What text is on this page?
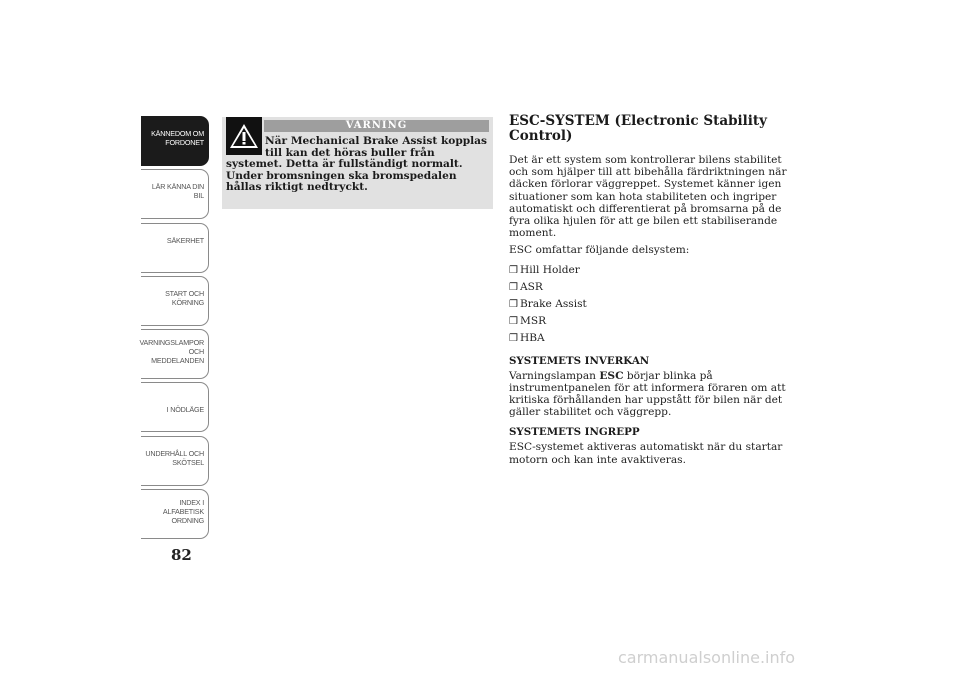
KÄNNEDOM OM
FORDONET
LÄR KÄNNA DIN
BIL
SÄKERHET
START OCH
KÖRNING
VARNINGSLAMPOR
OCH
MEDDELANDEN
I NÖDLÄGE
UNDERHÅLL OCH
SKÖTSEL
INDEX I
ALFABETISK
ORDNING
82
VARNING
När Mechanical Brake Assist kopplas
till kan det höras buller från
systemet. Detta är fullständigt normalt. Under bromsningen ska bromspedalen hållas riktigt nedtryckt.
ESC-SYSTEM (Electronic Stability Control)
Det är ett system som kontrollerar bilens stabilitet och som hjälper till att bibehålla färdriktningen när däcken förlorar väggreppet. Systemet känner igen situationer som kan hota stabiliteten och ingriper automatiskt och differentierat på bromsarna på de fyra olika hjulen för att ge bilen ett stabiliserande moment.
ESC omfattar följande delsystem:
❒ Hill Holder
❒ ASR
❒ Brake Assist
❒ MSR
❒ HBA
SYSTEMETS INVERKAN
Varningslampan ESC börjar blinka på instrumentpanelen för att informera föraren om att kritiska förhållanden har uppstått för bilen när det gäller stabilitet och väggrepp.
SYSTEMETS INGREPP
ESC-systemet aktiveras automatiskt när du startar motorn och kan inte avaktiveras.
carmanualsonline.info
